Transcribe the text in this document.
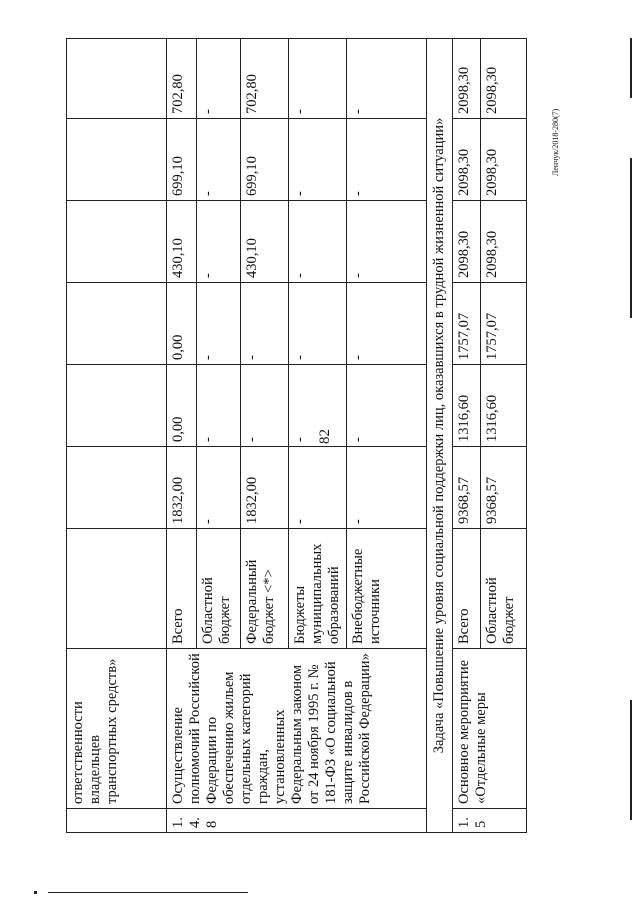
82
Ленчук/2018-280(7)
	ответственности владельцев транспортных средств»							
1.4.8	Осуществление полномочий Российской Федерации по обеспечению жильем отдельных категорий граждан, установленных Федеральным законом от 24 ноября 1995 г. № 181-ФЗ «О социальной защите инвалидов в Российской Федерации»	Всего	1832,00	0,00	0,00	430,10	699,10	702,80
		Областной бюджет	-	-	-	-	-	-
		Федеральный бюджет <*>	1832,00	-	-	430,10	699,10	702,80
		Бюджеты муниципальных образований	-	-	-	-	-	-
		Внебюджетные источники	-	-	-	-	-	-
Задача «Повышение уровня социальной поддержки лиц, оказавшихся в трудной жизненной ситуации»								
1.5	Основное мероприятие «Отдельные меры	Всего	9368,57	1316,60	1757,07	2098,30	2098,30	2098,30
		Областной бюджет	9368,57	1316,60	1757,07	2098,30	2098,30	2098,30
